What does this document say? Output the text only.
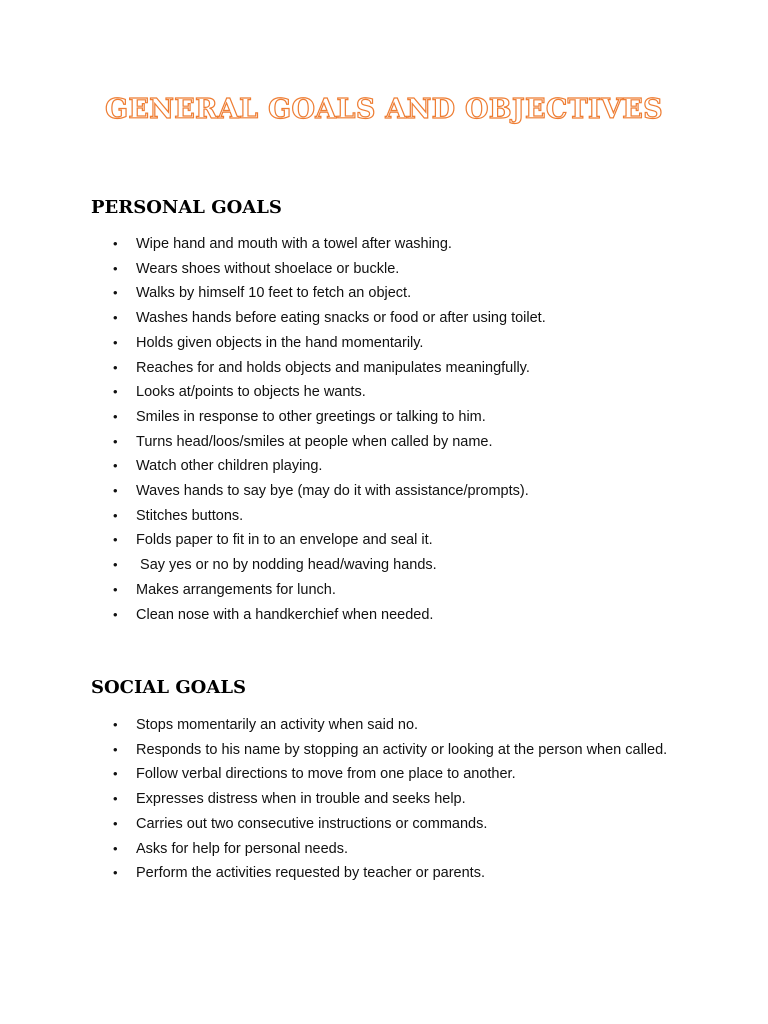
GENERAL GOALS AND OBJECTIVES
PERSONAL GOALS
• Wipe hand and mouth with a towel after washing.
• Wears shoes without shoelace or buckle.
• Walks by himself 10 feet to fetch an object.
• Washes hands before eating snacks or food or after using toilet.
• Holds given objects in the hand momentarily.
• Reaches for and holds objects and manipulates meaningfully.
• Looks at/points to objects he wants.
• Smiles in response to other greetings or talking to him.
• Turns head/loos/smiles at people when called by name.
• Watch other children playing.
• Waves hands to say bye (may do it with assistance/prompts).
• Stitches buttons.
• Folds paper to fit in to an envelope and seal it.
• Say yes or no by nodding head/waving hands.
• Makes arrangements for lunch.
• Clean nose with a handkerchief when needed.
SOCIAL GOALS
• Stops momentarily an activity when said no.
• Responds to his name by stopping an activity or looking at the person when called.
• Follow verbal directions to move from one place to another.
• Expresses distress when in trouble and seeks help.
• Carries out two consecutive instructions or commands.
• Asks for help for personal needs.
• Perform the activities requested by teacher or parents.
